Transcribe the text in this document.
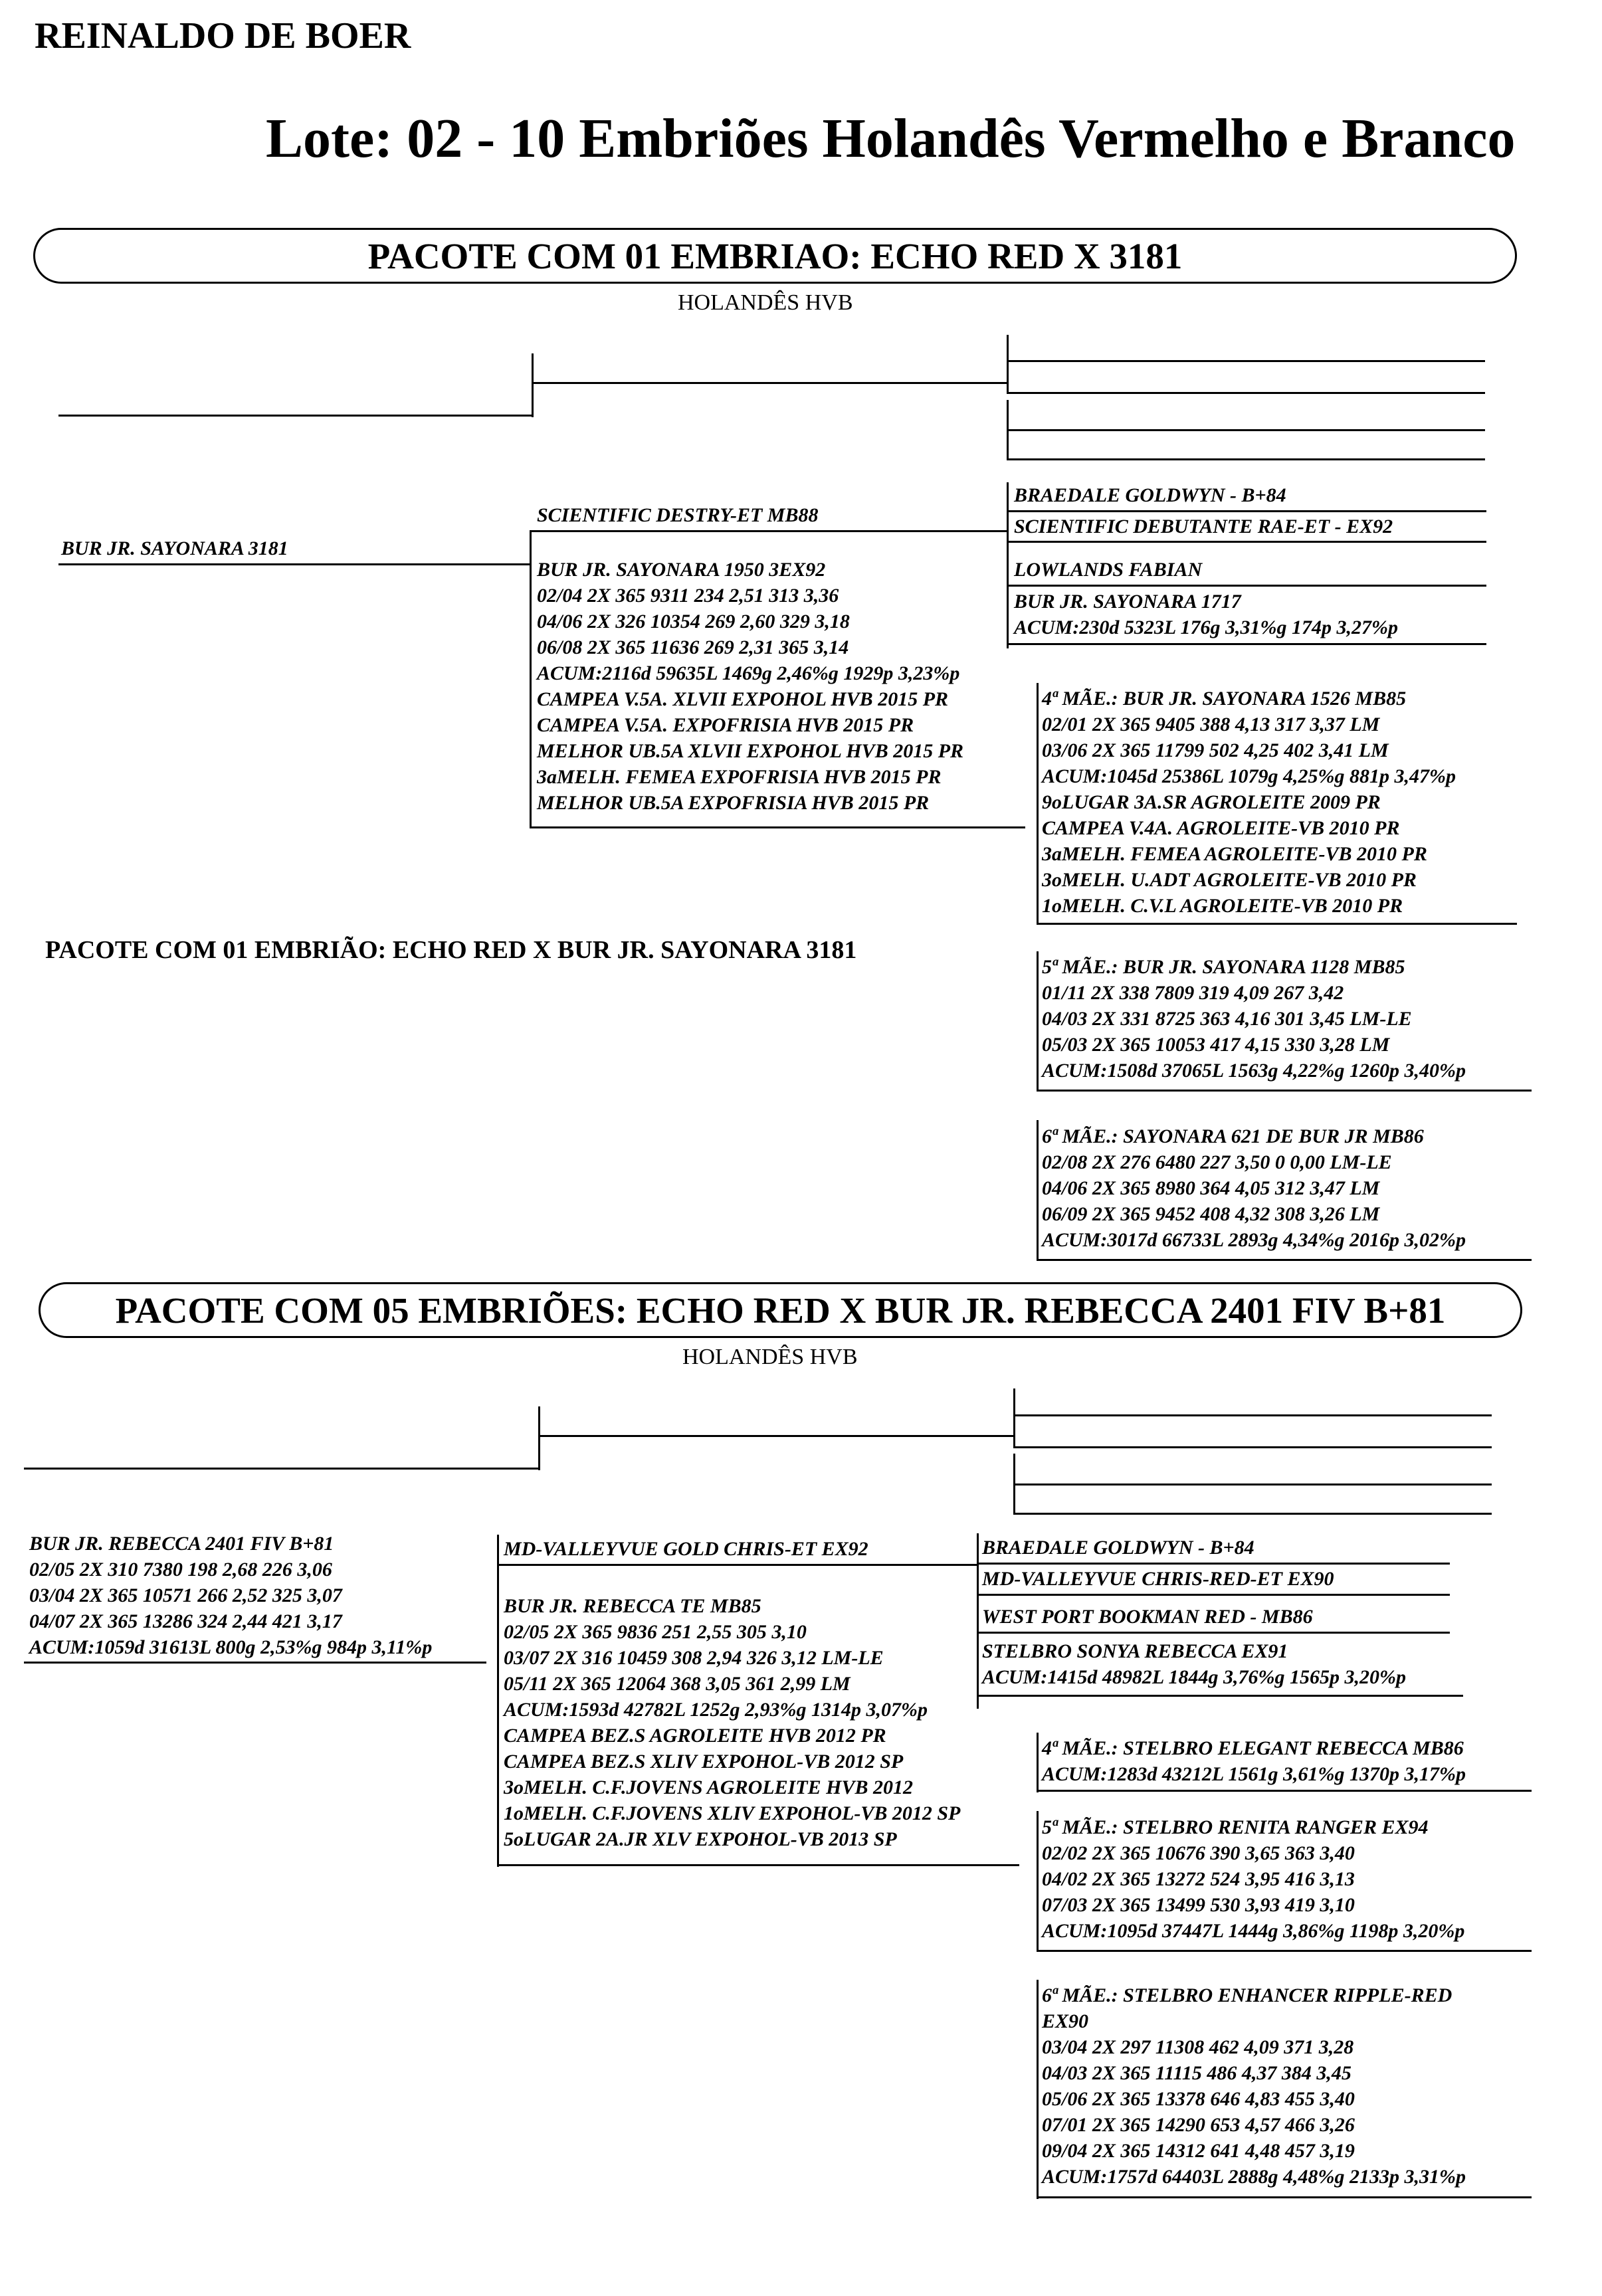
REINALDO DE BOER
Lote: 02 - 10 Embriões Holandês Vermelho e Branco
PACOTE COM 01 EMBRIAO: ECHO RED X 3181
HOLANDÊS HVB
BUR JR. SAYONARA 3181
SCIENTIFIC DESTRY-ET MB88
BRAEDALE GOLDWYN - B+84
SCIENTIFIC DEBUTANTE RAE-ET - EX92
BUR JR. SAYONARA 1950 3EX92
02/04 2X 365 9311 234 2,51 313 3,36
04/06 2X 326 10354 269 2,60 329 3,18
06/08 2X 365 11636 269 2,31 365 3,14
ACUM:2116d 59635L 1469g 2,46%g 1929p 3,23%p
CAMPEA V.5A. XLVII EXPOHOL HVB 2015 PR
CAMPEA V.5A. EXPOFRISIA HVB 2015 PR
MELHOR UB.5A XLVII EXPOHOL HVB 2015 PR
3aMELH. FEMEA EXPOFRISIA HVB 2015 PR
MELHOR UB.5A EXPOFRISIA HVB 2015 PR
LOWLANDS FABIAN
BUR JR. SAYONARA 1717
ACUM:230d 5323L 176g 3,31%g 174p 3,27%p
4ª MÃE.: BUR JR. SAYONARA 1526 MB85
02/01 2X 365 9405 388 4,13 317 3,37 LM
03/06 2X 365 11799 502 4,25 402 3,41 LM
ACUM:1045d 25386L 1079g 4,25%g 881p 3,47%p
9oLUGAR 3A.SR AGROLEITE 2009 PR
CAMPEA V.4A. AGROLEITE-VB 2010 PR
3aMELH. FEMEA AGROLEITE-VB 2010 PR
3oMELH. U.ADT AGROLEITE-VB 2010 PR
1oMELH. C.V.L AGROLEITE-VB 2010 PR
PACOTE COM 01 EMBRIÃO: ECHO RED X BUR JR. SAYONARA 3181
5ª MÃE.: BUR JR. SAYONARA 1128 MB85
01/11 2X 338 7809 319 4,09 267 3,42
04/03 2X 331 8725 363 4,16 301 3,45 LM-LE
05/03 2X 365 10053 417 4,15 330 3,28 LM
ACUM:1508d 37065L 1563g 4,22%g 1260p 3,40%p
6ª MÃE.: SAYONARA 621 DE BUR JR MB86
02/08 2X 276 6480 227 3,50 0 0,00 LM-LE
04/06 2X 365 8980 364 4,05 312 3,47 LM
06/09 2X 365 9452 408 4,32 308 3,26 LM
ACUM:3017d 66733L 2893g 4,34%g 2016p 3,02%p
PACOTE COM 05 EMBRIÕES: ECHO RED X BUR JR. REBECCA 2401 FIV B+81
HOLANDÊS HVB
BUR JR. REBECCA 2401 FIV B+81
02/05 2X 310 7380 198 2,68 226 3,06
03/04 2X 365 10571 266 2,52 325 3,07
04/07 2X 365 13286 324 2,44 421 3,17
ACUM:1059d 31613L 800g 2,53%g 984p 3,11%p
MD-VALLEYVUE GOLD CHRIS-ET EX92	BRAEDALE GOLDWYN - B+84
MD-VALLEYVUE CHRIS-RED-ET EX90
BUR JR. REBECCA TE MB85
02/05 2X 365 9836 251 2,55 305 3,10
03/07 2X 316 10459 308 2,94 326 3,12 LM-LE
05/11 2X 365 12064 368 3,05 361 2,99 LM
ACUM:1593d 42782L 1252g 2,93%g 1314p 3,07%p
CAMPEA BEZ.S AGROLEITE HVB 2012 PR
CAMPEA BEZ.S XLIV EXPOHOL-VB 2012 SP
3oMELH. C.F.JOVENS AGROLEITE HVB 2012
1oMELH. C.F.JOVENS XLIV EXPOHOL-VB 2012 SP
5oLUGAR 2A.JR XLV EXPOHOL-VB 2013 SP
WEST PORT BOOKMAN RED - MB86
STELBRO SONYA REBECCA EX91
ACUM:1415d 48982L 1844g 3,76%g 1565p 3,20%p
4ª MÃE.: STELBRO ELEGANT REBECCA MB86
ACUM:1283d 43212L 1561g 3,61%g 1370p 3,17%p
5ª MÃE.: STELBRO RENITA RANGER EX94
02/02 2X 365 10676 390 3,65 363 3,40
04/02 2X 365 13272 524 3,95 416 3,13
07/03 2X 365 13499 530 3,93 419 3,10
ACUM:1095d 37447L 1444g 3,86%g 1198p 3,20%p
6ª MÃE.: STELBRO ENHANCER RIPPLE-RED
EX90
03/04 2X 297 11308 462 4,09 371 3,28
04/03 2X 365 11115 486 4,37 384 3,45
05/06 2X 365 13378 646 4,83 455 3,40
07/01 2X 365 14290 653 4,57 466 3,26
09/04 2X 365 14312 641 4,48 457 3,19
ACUM:1757d 64403L 2888g 4,48%g 2133p 3,31%p
